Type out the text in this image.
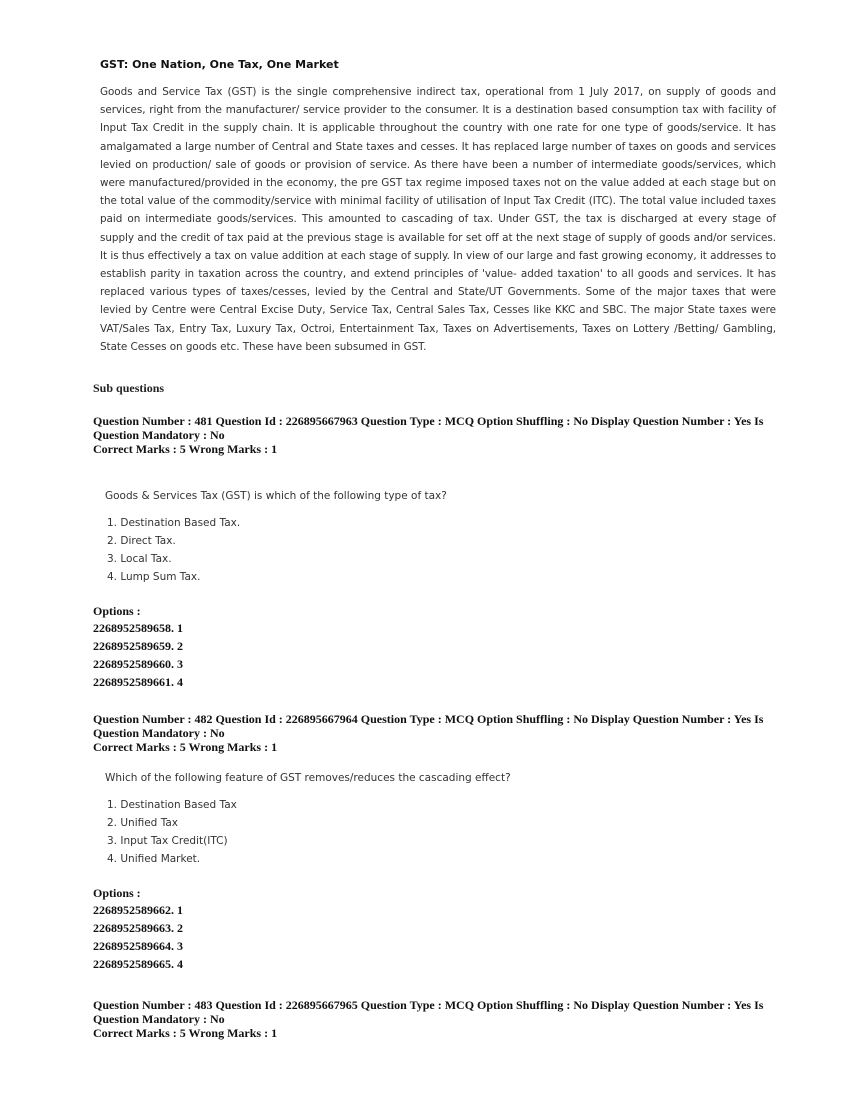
GST: One Nation, One Tax, One Market

Goods and Service Tax (GST) is the single comprehensive indirect tax, operational from 1 July 2017, on supply of goods and services, right from the manufacturer/ service provider to the consumer. It is a destination based consumption tax with facility of Input Tax Credit in the supply chain. It is applicable throughout the country with one rate for one type of goods/service. It has amalgamated a large number of Central and State taxes and cesses. It has replaced large number of taxes on goods and services levied on production/ sale of goods or provision of service. As there have been a number of intermediate goods/services, which were manufactured/provided in the economy, the pre GST tax regime imposed taxes not on the value added at each stage but on the total value of the commodity/service with minimal facility of utilisation of Input Tax Credit (ITC). The total value included taxes paid on intermediate goods/services. This amounted to cascading of tax. Under GST, the tax is discharged at every stage of supply and the credit of tax paid at the previous stage is available for set off at the next stage of supply of goods and/or services. It is thus effectively a tax on value addition at each stage of supply. In view of our large and fast growing economy, it addresses to establish parity in taxation across the country, and extend principles of 'value- added taxation' to all goods and services. It has replaced various types of taxes/cesses, levied by the Central and State/UT Governments. Some of the major taxes that were levied by Centre were Central Excise Duty, Service Tax, Central Sales Tax, Cesses like KKC and SBC. The major State taxes were VAT/Sales Tax, Entry Tax, Luxury Tax, Octroi, Entertainment Tax, Taxes on Advertisements, Taxes on Lottery /Betting/ Gambling, State Cesses on goods etc. These have been subsumed in GST.

Sub questions
Question Number : 481 Question Id : 226895667963 Question Type : MCQ Option Shuffling : No Display Question Number : Yes Is Question Mandatory : No
Correct Marks : 5 Wrong Marks : 1

Goods & Services Tax (GST) is which of the following type of tax?

1. Destination Based Tax.
2. Direct Tax.
3. Local Tax.
4. Lump Sum Tax.

Options :

2268952589658. 1
2268952589659. 2
2268952589660. 3
2268952589661. 4
Question Number : 482 Question Id : 226895667964 Question Type : MCQ Option Shuffling : No Display Question Number : Yes Is Question Mandatory : No
Correct Marks : 5 Wrong Marks : 1

Which of the following feature of GST removes/reduces the cascading effect?

1. Destination Based Tax
2. Unified Tax
3. Input Tax Credit(ITC)
4. Unified Market.

Options :

2268952589662. 1
2268952589663. 2
2268952589664. 3
2268952589665. 4
Question Number : 483 Question Id : 226895667965 Question Type : MCQ Option Shuffling : No Display Question Number : Yes Is Question Mandatory : No
Correct Marks : 5 Wrong Marks : 1
